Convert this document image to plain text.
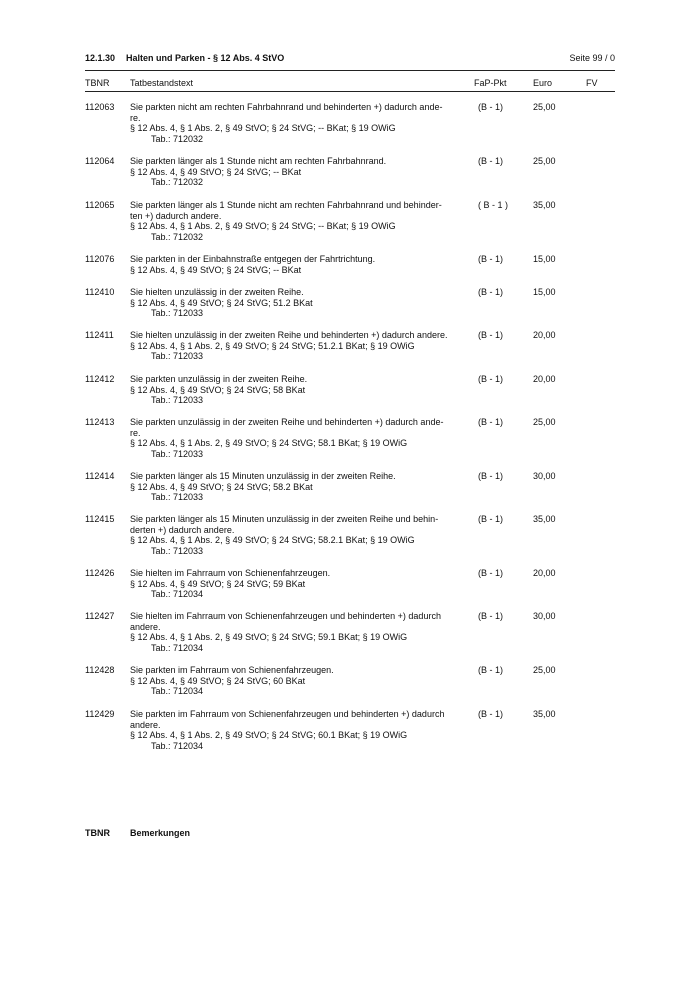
12.1.30 Halten und Parken - § 12 Abs. 4 StVO	Seite 99 / 0
TBNR Tatbestandstext	FaP-Pkt	Euro	FV
112063 Sie parkten nicht am rechten Fahrbahnrand und behinderten +) dadurch ande-
re.
§ 12 Abs. 4, § 1 Abs. 2, § 49 StVO; § 24 StVG; -- BKat; § 19 OWiG
Tab.: 712032
(B - 1)	25,00
112064 Sie parkten länger als 1 Stunde nicht am rechten Fahrbahnrand.
§ 12 Abs. 4, § 49 StVO; § 24 StVG; -- BKat
Tab.: 712032
(B - 1)	25,00
112065 Sie parkten länger als 1 Stunde nicht am rechten Fahrbahnrand und behinder-
ten +) dadurch andere.
§ 12 Abs. 4, § 1 Abs. 2, § 49 StVO; § 24 StVG; -- BKat; § 19 OWiG
Tab.: 712032
( B - 1 )	35,00
112076 Sie parkten in der Einbahnstraße entgegen der Fahrtrichtung.
§ 12 Abs. 4, § 49 StVO; § 24 StVG; -- BKat
(B - 1)	15,00
112410 Sie hielten unzulässig in der zweiten Reihe.
§ 12 Abs. 4, § 49 StVO; § 24 StVG; 51.2 BKat
Tab.: 712033
(B - 1)	15,00
112411 Sie hielten unzulässig in der zweiten Reihe und behinderten +) dadurch andere.
§ 12 Abs. 4, § 1 Abs. 2, § 49 StVO; § 24 StVG; 51.2.1 BKat; § 19 OWiG
Tab.: 712033
(B - 1)	20,00
112412 Sie parkten unzulässig in der zweiten Reihe.
§ 12 Abs. 4, § 49 StVO; § 24 StVG; 58 BKat
Tab.: 712033
(B - 1)	20,00
112413 Sie parkten unzulässig in der zweiten Reihe und behinderten +) dadurch ande-
re.
§ 12 Abs. 4, § 1 Abs. 2, § 49 StVO; § 24 StVG; 58.1 BKat; § 19 OWiG
Tab.: 712033
(B - 1)	25,00
112414 Sie parkten länger als 15 Minuten unzulässig in der zweiten Reihe.
§ 12 Abs. 4, § 49 StVO; § 24 StVG; 58.2 BKat
Tab.: 712033
(B - 1)	30,00
112415 Sie parkten länger als 15 Minuten unzulässig in der zweiten Reihe und behin-
derten +) dadurch andere.
§ 12 Abs. 4, § 1 Abs. 2, § 49 StVO; § 24 StVG; 58.2.1 BKat; § 19 OWiG
Tab.: 712033
(B - 1)	35,00
112426 Sie hielten im Fahrraum von Schienenfahrzeugen.
§ 12 Abs. 4, § 49 StVO; § 24 StVG; 59 BKat
Tab.: 712034
(B - 1)	20,00
112427 Sie hielten im Fahrraum von Schienenfahrzeugen und behinderten +) dadurch
andere.
§ 12 Abs. 4, § 1 Abs. 2, § 49 StVO; § 24 StVG; 59.1 BKat; § 19 OWiG
Tab.: 712034
(B - 1)	30,00
112428 Sie parkten im Fahrraum von Schienenfahrzeugen.
§ 12 Abs. 4, § 49 StVO; § 24 StVG; 60 BKat
Tab.: 712034
(B - 1)	25,00
112429 Sie parkten im Fahrraum von Schienenfahrzeugen und behinderten +) dadurch
andere.
§ 12 Abs. 4, § 1 Abs. 2, § 49 StVO; § 24 StVG; 60.1 BKat; § 19 OWiG
Tab.: 712034
(B - 1)	35,00
TBNR Bemerkungen
